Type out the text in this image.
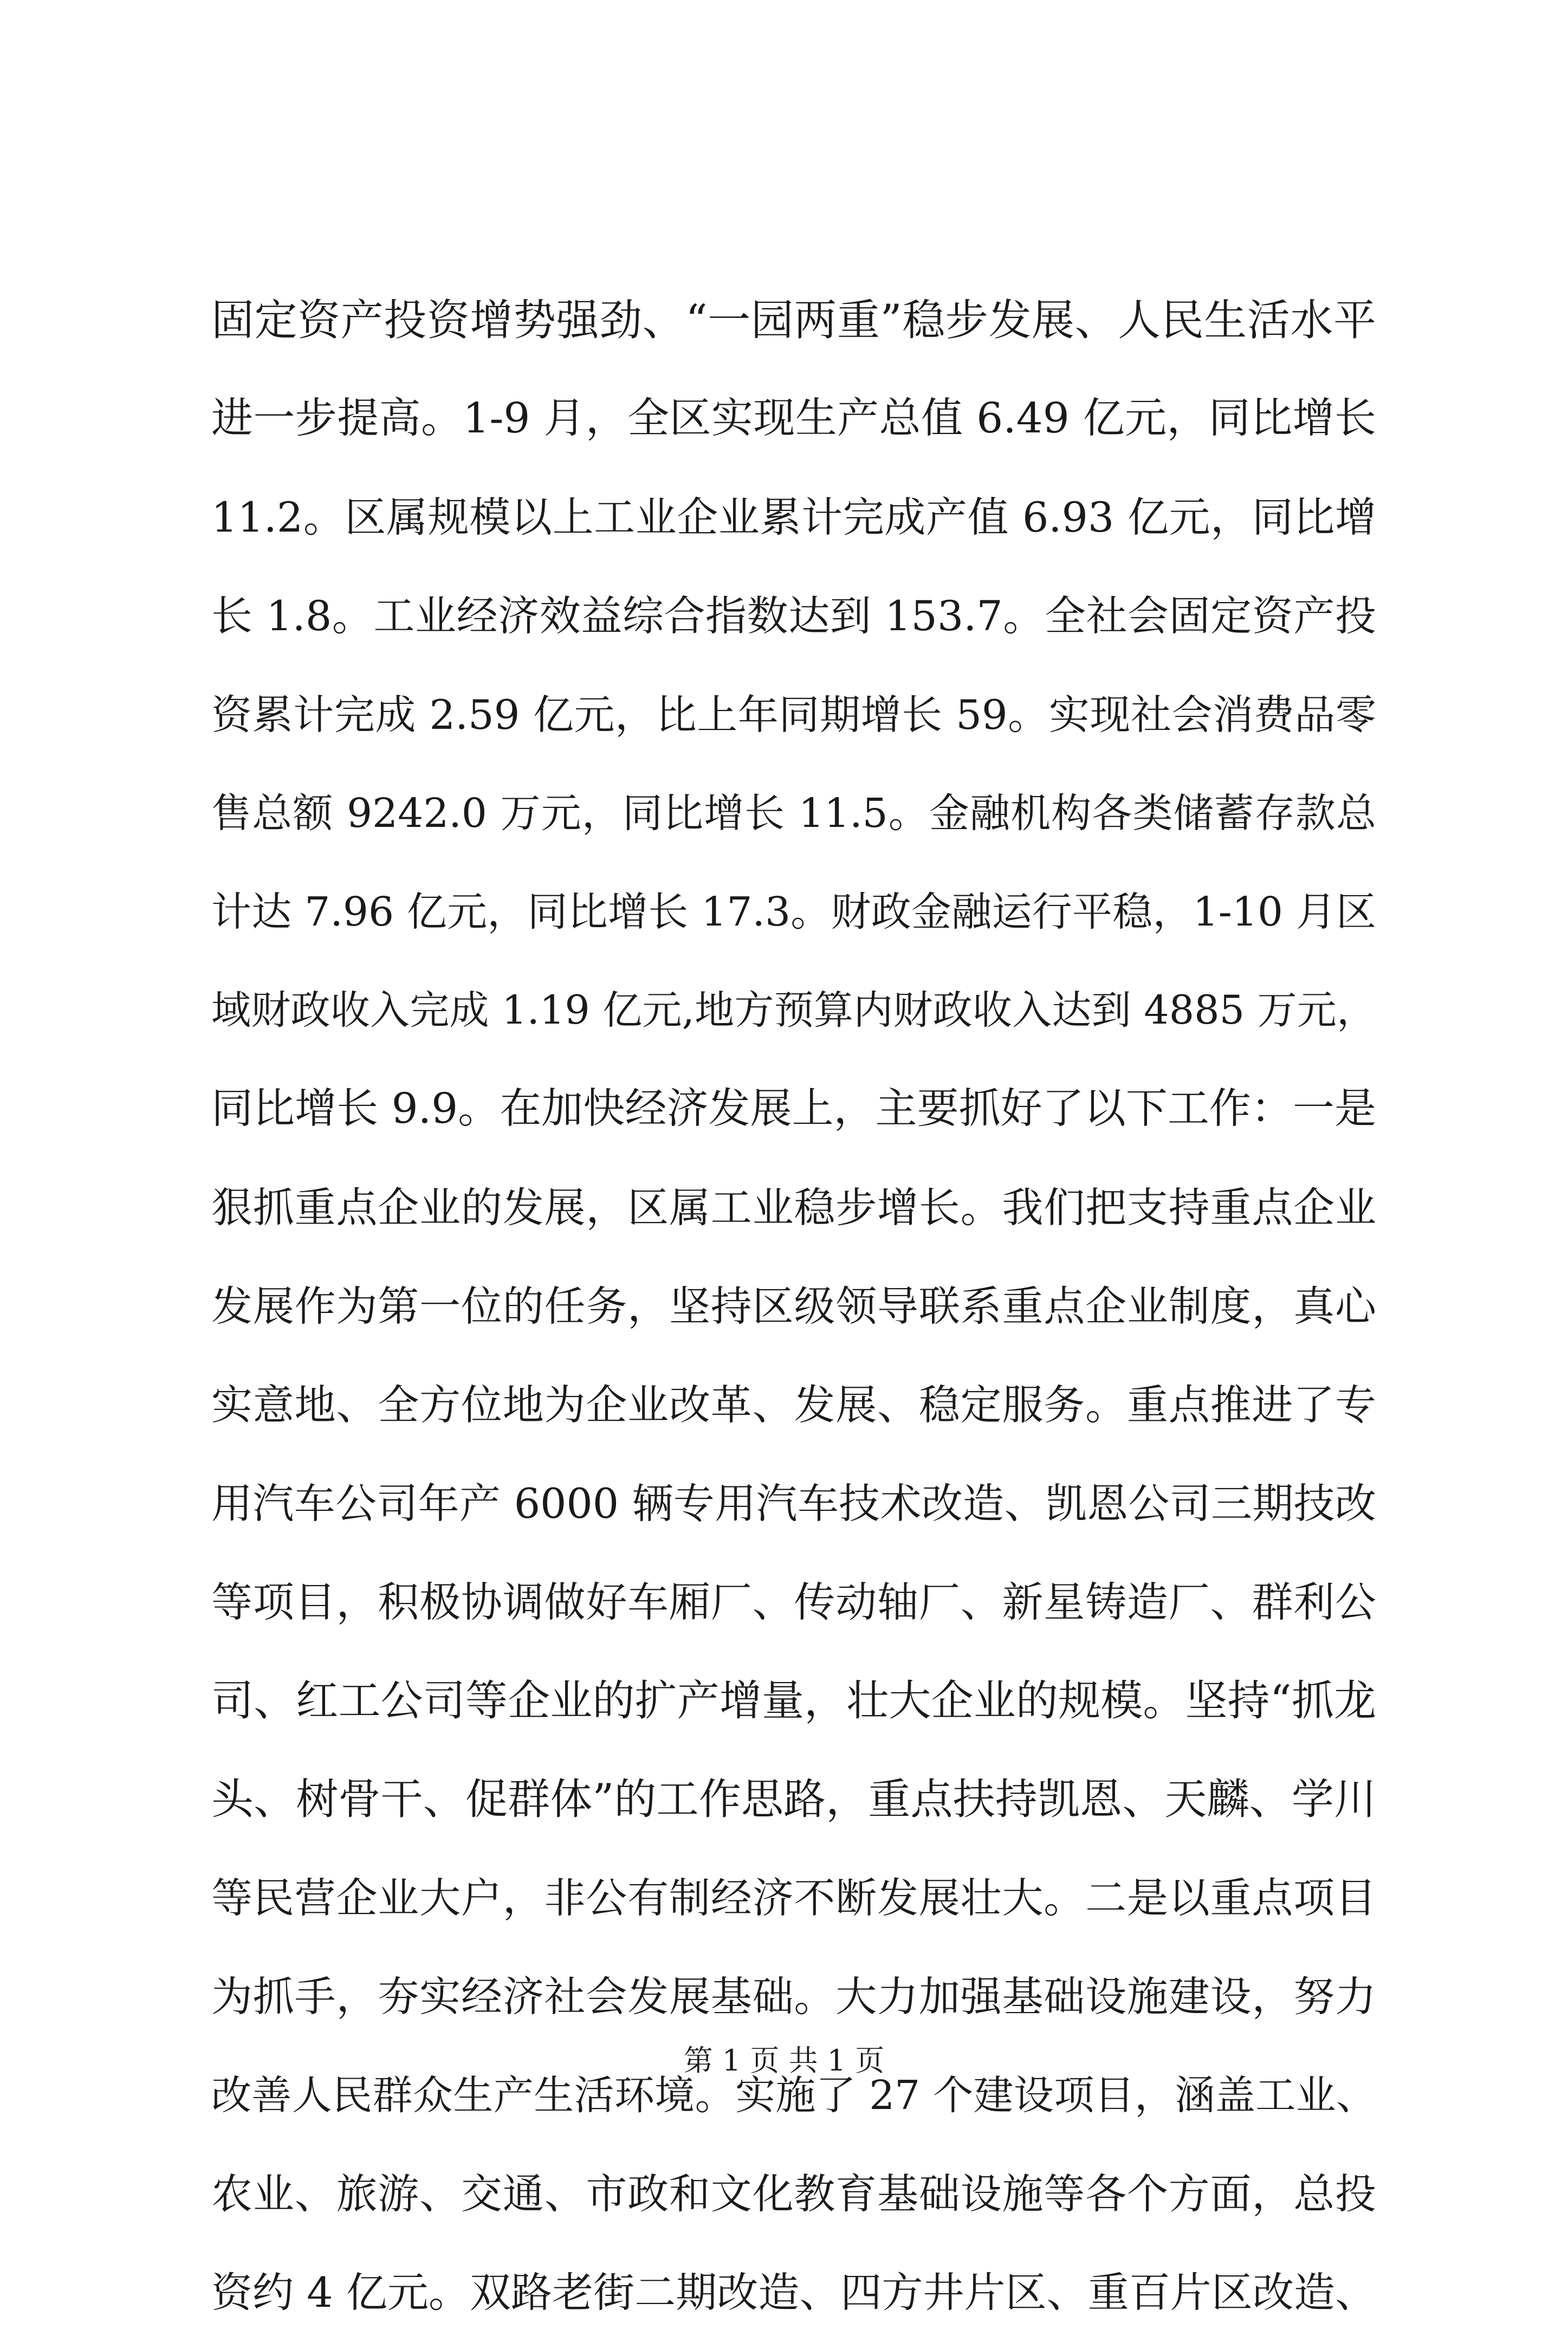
固定资产投资增势强劲、“一园两重”稳步发展、人民生活水平
进一步提高。1-9 月，全区实现生产总值 6.49 亿元，同比增长
11.2。区属规模以上工业企业累计完成产值 6.93 亿元，同比增
长 1.8。工业经济效益综合指数达到 153.7。全社会固定资产投
资累计完成 2.59 亿元，比上年同期增长 59。实现社会消费品零
售总额 9242.0 万元，同比增长 11.5。金融机构各类储蓄存款总
计达 7.96 亿元，同比增长 17.3。财政金融运行平稳，1-10 月区
域财政收入完成 1.19 亿元,地方预算内财政收入达到 4885 万元，
同比增长 9.9。在加快经济发展上，主要抓好了以下工作：一是
狠抓重点企业的发展，区属工业稳步增长。我们把支持重点企业
发展作为第一位的任务，坚持区级领导联系重点企业制度，真心
实意地、全方位地为企业改革、发展、稳定服务。重点推进了专
用汽车公司年产 6000 辆专用汽车技术改造、凯恩公司三期技改
等项目，积极协调做好车厢厂、传动轴厂、新星铸造厂、群利公
司、红工公司等企业的扩产增量，壮大企业的规模。坚持“抓龙
头、树骨干、促群体”的工作思路，重点扶持凯恩、天麟、学川
等民营企业大户，非公有制经济不断发展壮大。二是以重点项目
为抓手，夯实经济社会发展基础。大力加强基础设施建设，努力
改善人民群众生产生活环境。实施了 27 个建设项目，涵盖工业、
农业、旅游、交通、市政和文化教育基础设施等各个方面，总投
资约 4 亿元。双路老街二期改造、四方井片区、重百片区改造、
第 1 页 共 1 页
